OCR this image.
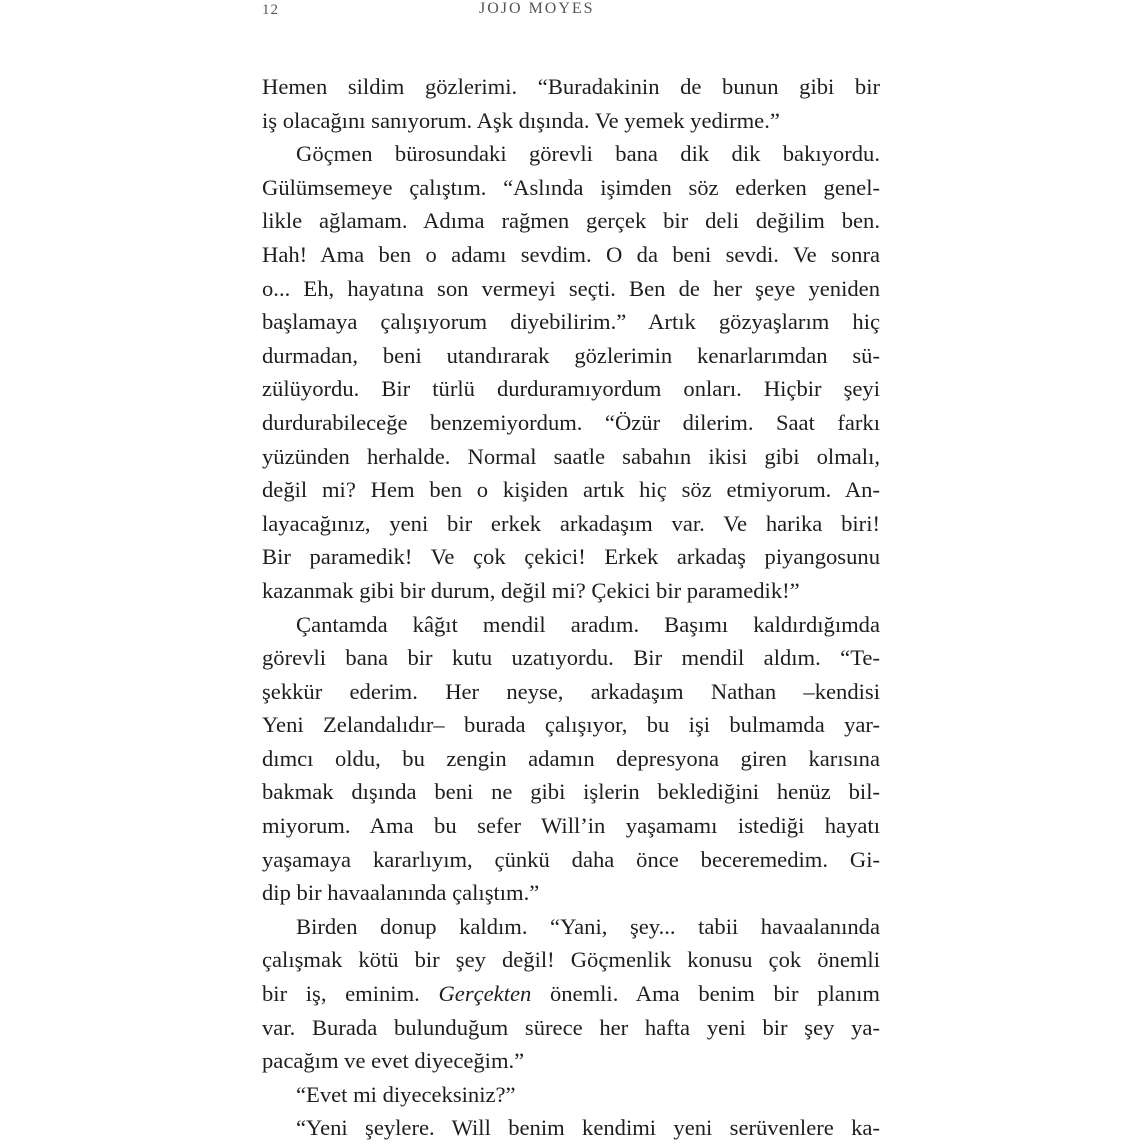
12	JOJO MOYES
Hemen sildim gözlerimi. “Buradakinin de bunun gibi bir
iş olacağını sanıyorum. Aşk dışında. Ve yemek yedirme.”
Göçmen bürosundaki görevli bana dik dik bakıyordu.
Gülümsemeye çalıştım. “Aslında işimden söz ederken genel-
likle ağlamam. Adıma rağmen gerçek bir deli değilim ben.
Hah! Ama ben o adamı sevdim. O da beni sevdi. Ve sonra
o... Eh, hayatına son vermeyi seçti. Ben de her şeye yeniden
başlamaya çalışıyorum diyebilirim.” Artık gözyaşlarım hiç
durmadan, beni utandırarak gözlerimin kenarlarımdan sü-
zülüyordu. Bir türlü durduramıyordum onları. Hiçbir şeyi
durdurabileceğe benzemiyordum. “Özür dilerim. Saat farkı
yüzünden herhalde. Normal saatle sabahın ikisi gibi olmalı,
değil mi? Hem ben o kişiden artık hiç söz etmiyorum. An-
layacağınız, yeni bir erkek arkadaşım var. Ve harika biri!
Bir paramedik! Ve çok çekici! Erkek arkadaş piyangosunu
kazanmak gibi bir durum, değil mi? Çekici bir paramedik!”
Çantamda kâğıt mendil aradım. Başımı kaldırdığımda
görevli bana bir kutu uzatıyordu. Bir mendil aldım. “Te-
şekkür ederim. Her neyse, arkadaşım Nathan –kendisi
Yeni Zelandalıdır– burada çalışıyor, bu işi bulmamda yar-
dımcı oldu, bu zengin adamın depresyona giren karısına
bakmak dışında beni ne gibi işlerin beklediğini henüz bil-
miyorum. Ama bu sefer Will’in yaşamamı istediği hayatı
yaşamaya kararlıyım, çünkü daha önce beceremedim. Gi-
dip bir havaalanında çalıştım.”
Birden donup kaldım. “Yani, şey... tabii havaalanında
çalışmak kötü bir şey değil! Göçmenlik konusu çok önemli
bir iş, eminim. Gerçekten önemli. Ama benim bir planım
var. Burada bulunduğum sürece her hafta yeni bir şey ya-
pacağım ve evet diyeceğim.”
“Evet mi diyeceksiniz?”
“Yeni şeylere. Will benim kendimi yeni serüvenlere ka-
